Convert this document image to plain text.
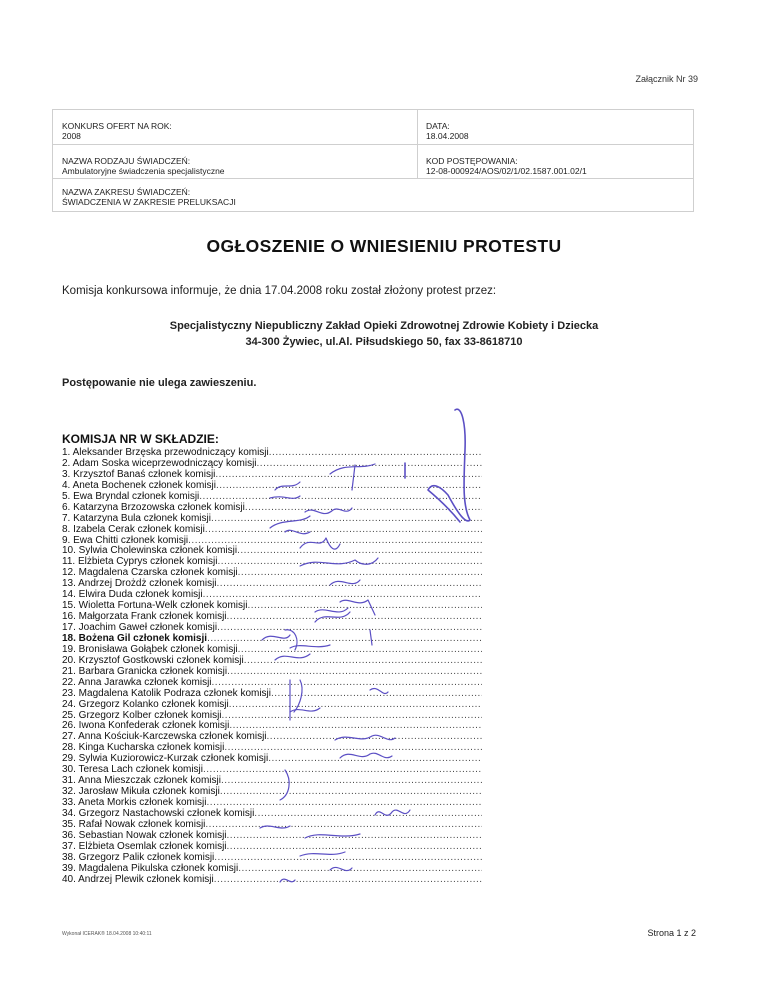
Załącznik Nr 39
KONKURS OFERT NA ROK:
2008
DATA:
18.04.2008
NAZWA RODZAJU ŚWIADCZEŃ:
Ambulatoryjne świadczenia specjalistyczne
KOD POSTĘPOWANIA:
12-08-000924/AOS/02/1/02.1587.001.02/1
NAZWA ZAKRESU ŚWIADCZEŃ:
ŚWIADCZENIA W ZAKRESIE PRELUKSACJI
OGŁOSZENIE O WNIESIENIU PROTESTU
Komisja konkursowa informuje, że dnia 17.04.2008 roku został złożony protest przez:
Specjalistyczny Niepubliczny Zakład Opieki Zdrowotnej Zdrowie Kobiety i Dziecka
34-300 Żywiec, ul.Al. Piłsudskiego 50, fax 33-8618710
Postępowanie nie ulega zawieszeniu.
KOMISJA NR W SKŁADZIE:
1. Aleksander Brzęska przewodniczący komisji
.....
2. Adam Soska wiceprzewodniczący komisji
.....
3. Krzysztof Banaś członek komisji
.....
4. Aneta Bochenek członek komisji
.....
5. Ewa Bryndal członek komisji
.....
6. Katarzyna Brzozowska członek komisji
.....
7. Katarzyna Bula członek komisji
.....
8. Izabela Cerak członek komisji
.....
9. Ewa Chitti członek komisji
.....
10. Sylwia Cholewinska członek komisji
.....
11. Elżbieta Cyprys członek komisji
.....
12. Magdalena Czarska członek komisji
.....
13. Andrzej Drożdż członek komisji
.....
14. Elwira Duda członek komisji
.....
15. Wioletta Fortuna-Welk członek komisji
.....
16. Małgorzata Frank członek komisji
.....
17. Joachim Gaweł członek komisji
.....
18. Bożena Gil członek komisji
.....
19. Bronisława Gołąbek członek komisji
.....
20. Krzysztof Gostkowski członek komisji
.....
21. Barbara Granicka członek komisji
.....
22. Anna Jarawka członek komisji
.....
23. Magdalena Katolik Podraza członek komisji
.....
24. Grzegorz Kolanko członek komisji
.....
25. Grzegorz Kolber członek komisji
.....
26. Iwona Konfederak członek komisji
.....
27. Anna Kościuk-Karczewska członek komisji
.....
28. Kinga Kucharska członek komisji
.....
29. Sylwia Kuziorowicz-Kurzak członek komisji
.....
30. Teresa Lach członek komisji
.....
31. Anna Mieszczak członek komisji
.....
32. Jarosław Mikuła członek komisji
.....
33. Aneta Morkis członek komisji
.....
34. Grzegorz Nastachowski członek komisji
.....
35. Rafał Nowak członek komisji
.....
36. Sebastian Nowak członek komisji
.....
37. Elżbieta Osemlak członek komisji
.....
38. Grzegorz Palik członek komisji
.....
39. Magdalena Pikulska członek komisji
.....
40. Andrzej Plewik członek komisji
.....
Wykonał ICERAK® 18.04.2008 10:40:11	Strona 1 z 2
